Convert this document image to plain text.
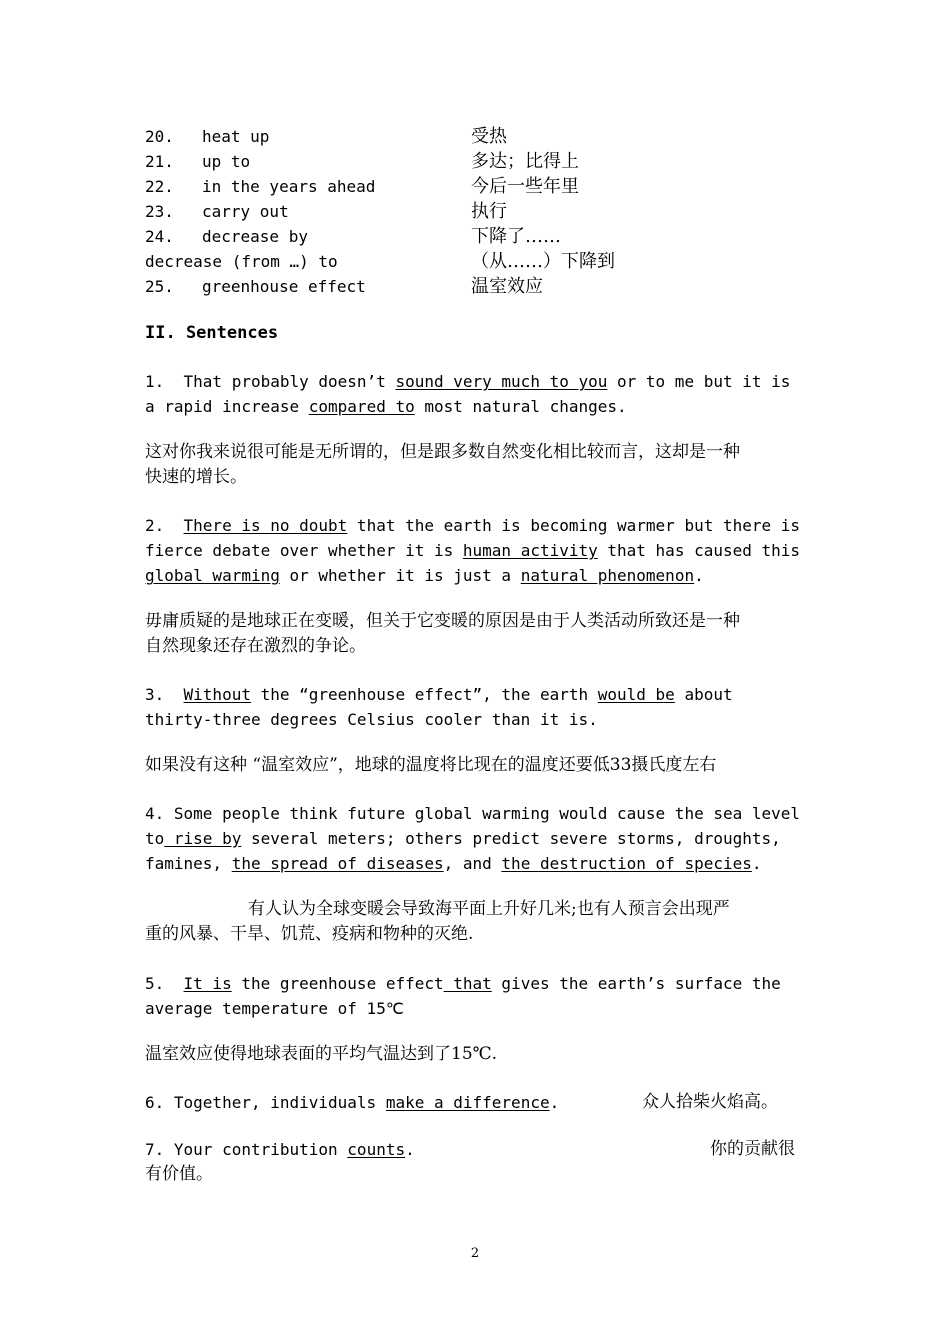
20. heat up	受热
21. up to	多达；比得上
22. in the years ahead	今后一些年里
23. carry out	执行
24. decrease by	下降了……
decrease (from …) to	（从……）下降到
25. greenhouse effect	温室效应
II. Sentences
1.  That probably doesn’t sound very much to you or to me but it is
a rapid increase compared to most natural changes.
这对你我来说很可能是无所谓的，但是跟多数自然变化相比较而言，这却是一种
快速的增长。
2.  There is no doubt that the earth is becoming warmer but there is
fierce debate over whether it is human activity that has caused this
global warming or whether it is just a natural phenomenon.
毋庸质疑的是地球正在变暖，但关于它变暖的原因是由于人类活动所致还是一种
自然现象还存在激烈的争论。
3.  Without the “greenhouse effect”, the earth would be about
thirty-three degrees Celsius cooler than it is.
如果没有这种 “温室效应”，地球的温度将比现在的温度还要低33摄氏度左右
4. Some people think future global warming would cause the sea level
to rise by several meters; others predict severe storms, droughts,
famines, the spread of diseases, and the destruction of species.
有人认为全球变暖会导致海平面上升好几米;也有人预言会出现严
重的风暴、干旱、饥荒、疫病和物种的灭绝.
5.  It is the greenhouse effect that gives the earth’s surface the
average temperature of 15℃
温室效应使得地球表面的平均气温达到了15℃.
6. Together, individuals make a difference.	众人拾柴火焰高。
7. Your contribution counts.	你的贡献很
有价值。
2
